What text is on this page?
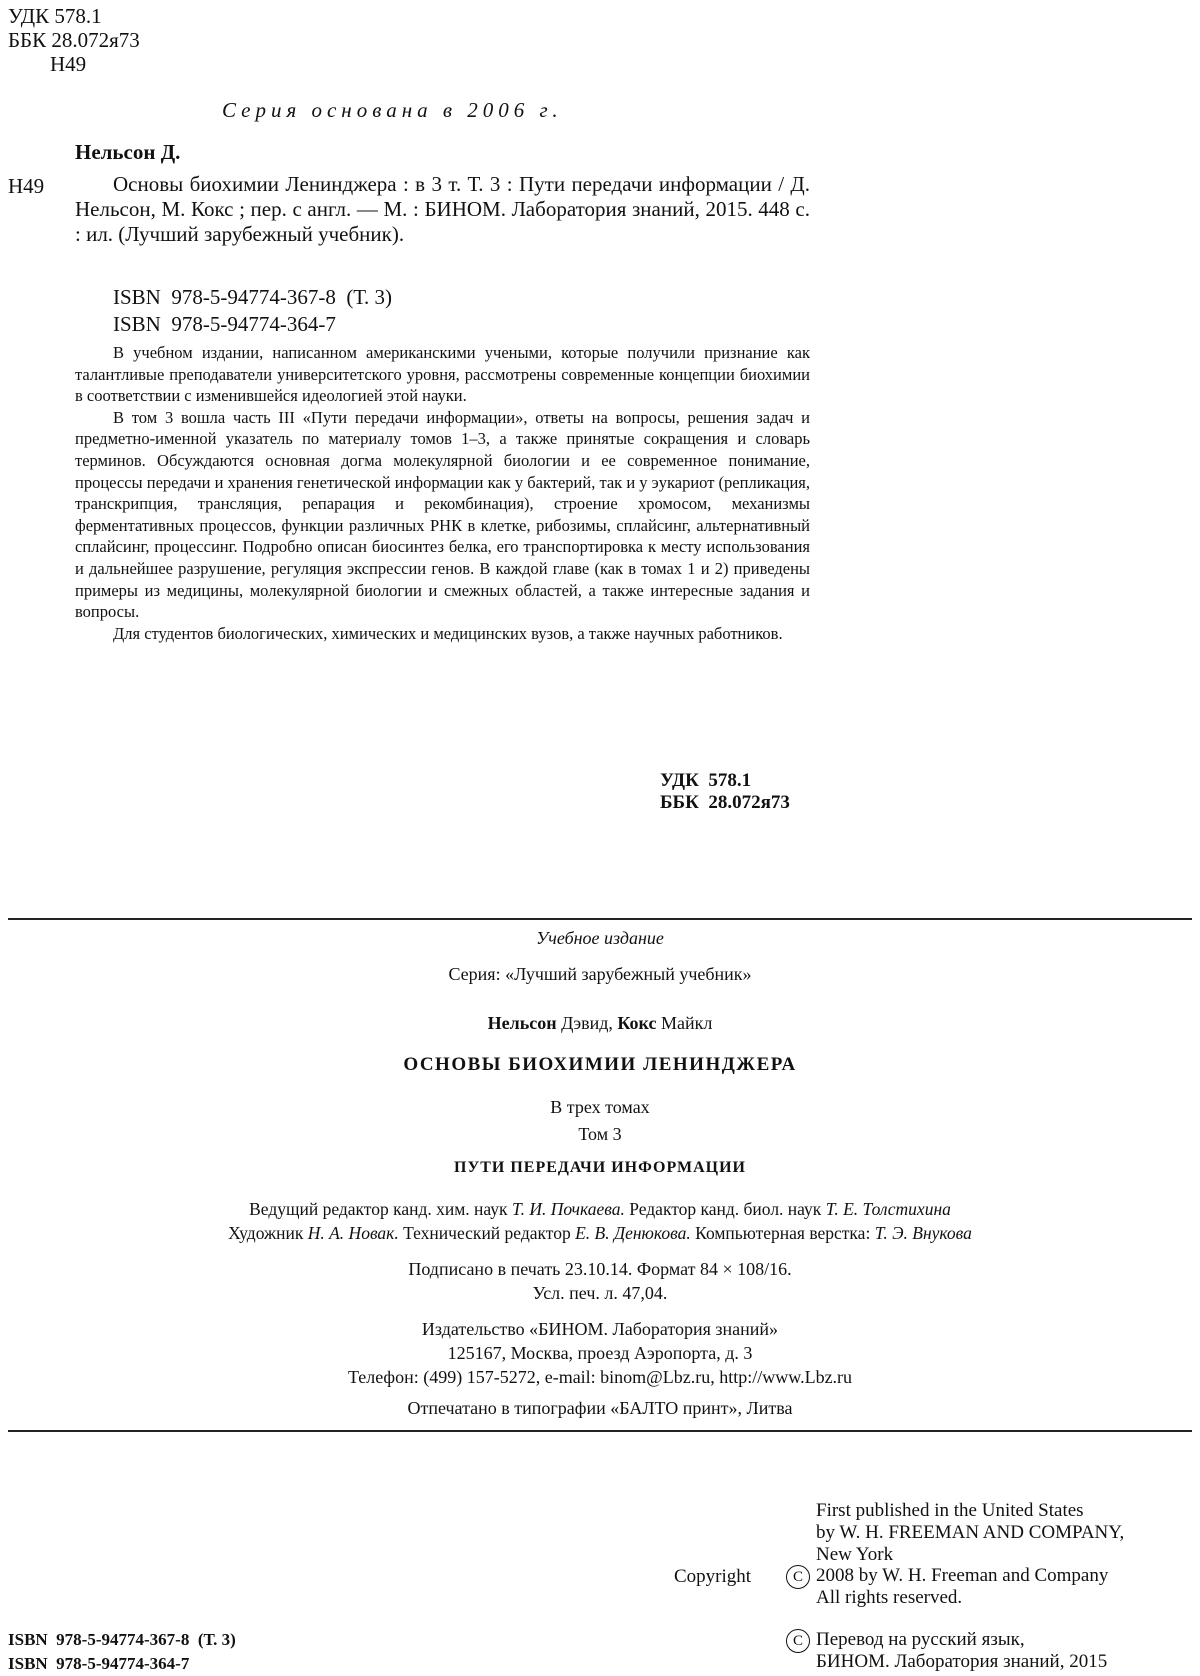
УДК 578.1
ББК 28.072я73
Н49
Серия основана в 2006 г.
Нельсон Д.
Н49	Основы биохимии Ленинджера : в 3 т. Т. 3 : Пути передачи информации / Д. Нельсон, М. Кокс ; пер. с англ. — М. : БИНОМ. Лаборатория знаний, 2015. 448 с. : ил. (Лучший зарубежный учебник).
ISBN  978-5-94774-367-8  (Т. 3)
ISBN  978-5-94774-364-7

В учебном издании, написанном американскими учеными, которые получили признание как талантливые преподаватели университетского уровня, рассмотрены современные концепции биохимии в соответствии с изменившейся идеологией этой науки.

В том 3 вошла часть III «Пути передачи информации», ответы на вопросы, решения задач и предметно-именной указатель по материалу томов 1–3, а также принятые сокращения и словарь терминов. Обсуждаются основная догма молекулярной биологии и ее современное понимание, процессы передачи и хранения генетической информации как у бактерий, так и у эукариот (репликация, транскрипция, трансляция, репарация и рекомбинация), строение хромосом, механизмы ферментативных процессов, функции различных РНК в клетке, рибозимы, сплайсинг, альтернативный сплайсинг, процессинг. Подробно описан биосинтез белка, его транспортировка к месту использования и дальнейшее разрушение, регуляция экспрессии генов. В каждой главе (как в томах 1 и 2) приведены примеры из медицины, молекулярной биологии и смежных областей, а также интересные задания и вопросы.

Для студентов биологических, химических и медицинских вузов, а также научных работников.

УДК  578.1
ББК  28.072я73
Учебное издание
Серия: «Лучший зарубежный учебник»
Нельсон Дэвид, Кокс Майкл
ОСНОВЫ БИОХИМИИ ЛЕНИНДЖЕРА
В трех томах
Том 3
ПУТИ ПЕРЕДАЧИ ИНФОРМАЦИИ
Ведущий редактор канд. хим. наук Т. И. Почкаева. Редактор канд. биол. наук Т. Е. Толстихина
Художник Н. А. Новак. Технический редактор Е. В. Денюкова. Компьютерная верстка: Т. Э. Внукова
Подписано в печать 23.10.14. Формат 84 × 108/16.
Усл. печ. л. 47,04.
Издательство «БИНОМ. Лаборатория знаний»
125167, Москва, проезд Аэропорта, д. 3
Телефон: (499) 157-5272, e-mail: binom@Lbz.ru, http://www.Lbz.ru
Отпечатано в типографии «БАЛТО принт», Литва
First published in the United States
by W. H. FREEMAN AND COMPANY,
New York
2008 by W. H. Freeman and Company
All rights reserved.
Copyright	C
C Перевод на русский язык,
БИНОМ. Лаборатория знаний, 2015
ISBN  978-5-94774-367-8  (Т. 3)
ISBN  978-5-94774-364-7
